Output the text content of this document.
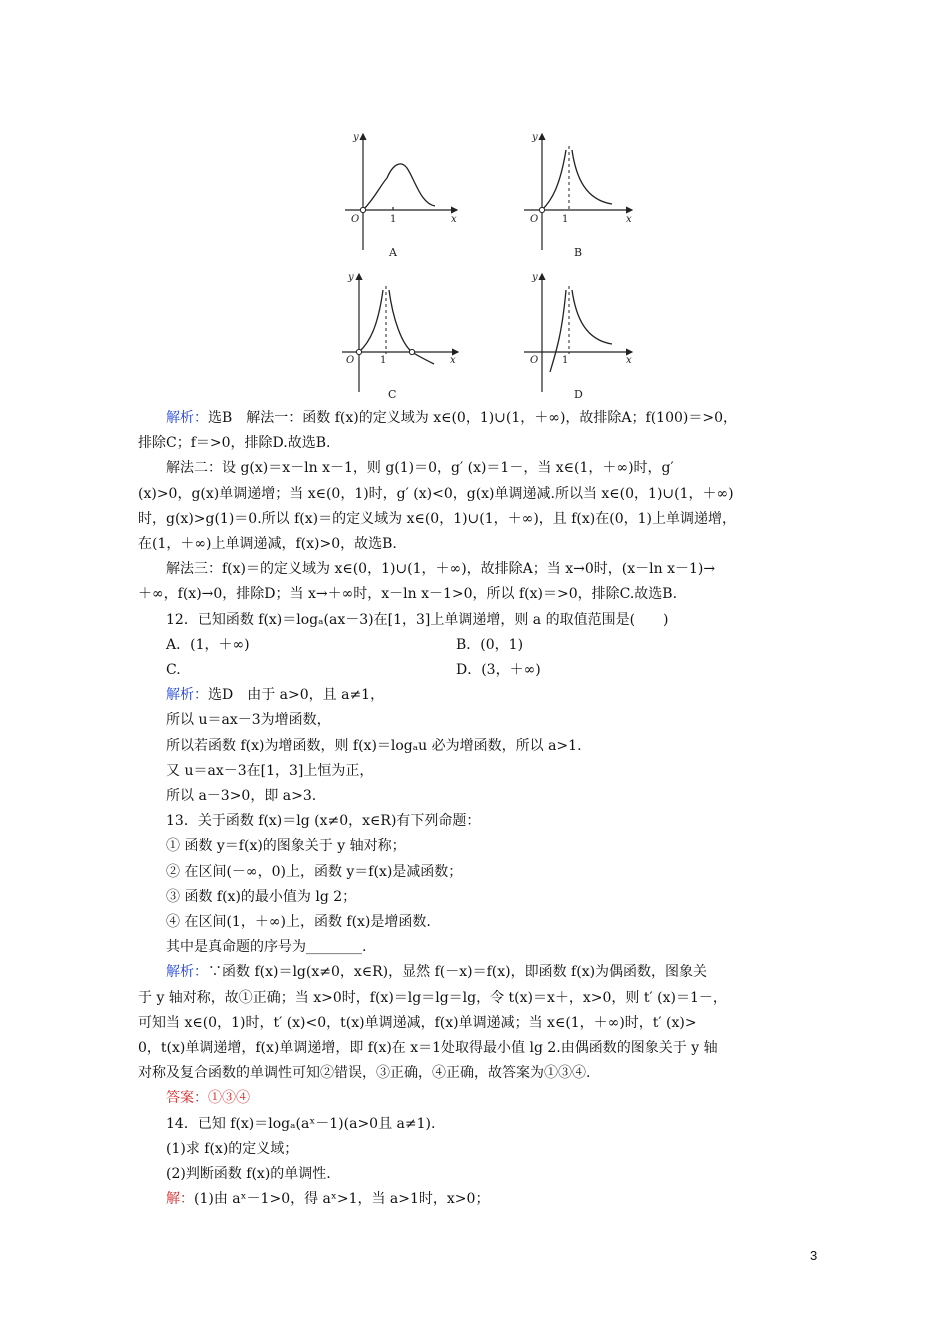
y
x
O	1
A
y
x
O 1
B
y
x
O	1
C
y
x
O 1
D

解析：选B　解法一：函数 f(x)的定义域为 x∈(0，1)∪(1，＋∞)，故排除A；f(100)＝>0，

排除C；f＝>0，排除D.故选B.

解法二：设 g(x)＝x－ln x－1，则 g(1)＝0，g′ (x)＝1－，当 x∈(1，＋∞)时，g′

(x)>0，g(x)单调递增；当 x∈(0，1)时，g′ (x)<0，g(x)单调递减.所以当 x∈(0，1)∪(1，＋∞)

时，g(x)>g(1)＝0.所以 f(x)＝的定义域为 x∈(0，1)∪(1，＋∞)，且 f(x)在(0，1)上单调递增，

在(1，＋∞)上单调递减，f(x)>0，故选B.

解法三：f(x)＝的定义域为 x∈(0，1)∪(1，＋∞)，故排除A；当 x→0时，(x－ln x－1)→

＋∞，f(x)→0，排除D；当 x→＋∞时，x－ln x－1>0，所以 f(x)＝>0，排除C.故选B.

12．已知函数 f(x)＝logₐ(ax－3)在[1，3]上单调递增，则 a 的取值范围是(　　)

A．(1，＋∞)	B．(0，1)
C.	D．(3，＋∞)

解析：选D　由于 a>0，且 a≠1，

所以 u＝ax－3为增函数，

所以若函数 f(x)为增函数，则 f(x)＝logₐu 必为增函数，所以 a>1.

又 u＝ax－3在[1，3]上恒为正，

所以 a－3>0，即 a>3.

13．关于函数 f(x)＝lg (x≠0，x∈R)有下列命题：

① 函数 y＝f(x)的图象关于 y 轴对称；

② 在区间(－∞，0)上，函数 y＝f(x)是减函数；

③ 函数 f(x)的最小值为 lg 2；

④ 在区间(1，＋∞)上，函数 f(x)是增函数.

其中是真命题的序号为________.

解析：∵函数 f(x)＝lg(x≠0，x∈R)，显然 f(－x)＝f(x)，即函数 f(x)为偶函数，图象关

于 y 轴对称，故①正确；当 x>0时，f(x)＝lg＝lg＝lg，令 t(x)＝x＋，x>0，则 t′ (x)＝1－，

可知当 x∈(0，1)时，t′ (x)<0，t(x)单调递减，f(x)单调递减；当 x∈(1，＋∞)时，t′ (x)>

0，t(x)单调递增，f(x)单调递增，即 f(x)在 x＝1处取得最小值 lg 2.由偶函数的图象关于 y 轴

对称及复合函数的单调性可知②错误，③正确，④正确，故答案为①③④.

答案：①③④

14．已知 f(x)＝logₐ(aˣ－1)(a>0且 a≠1).

(1)求 f(x)的定义域；

(2)判断函数 f(x)的单调性.

解：(1)由 aˣ－1>0，得 aˣ>1，当 a>1时，x>0；

3
